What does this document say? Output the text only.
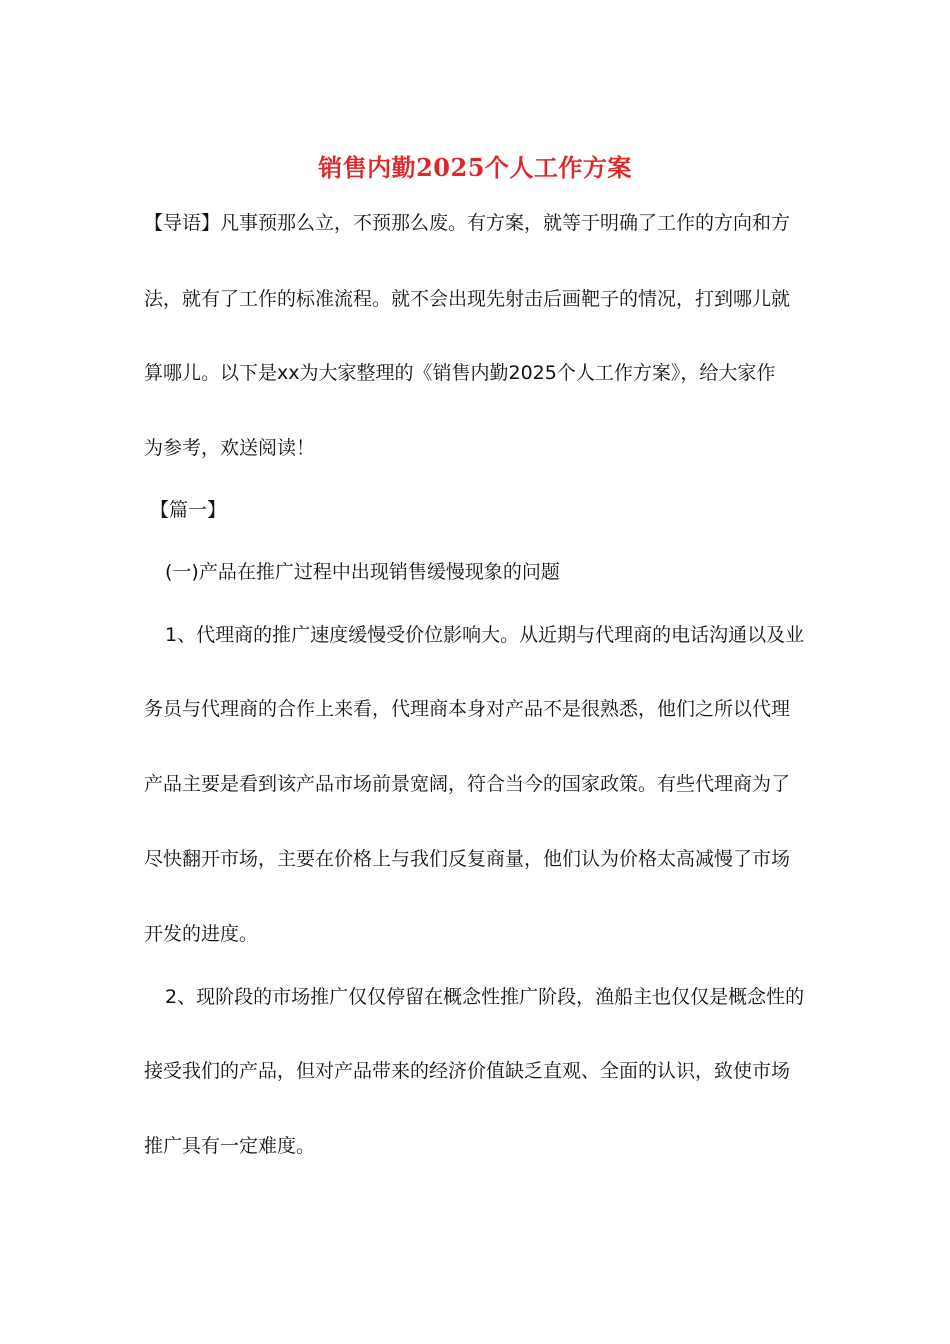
销售内勤2025个人工作方案
【导语】凡事预那么立，不预那么废。有方案，就等于明确了工作的方向和方
法，就有了工作的标准流程。就不会出现先射击后画靶子的情况，打到哪儿就
算哪儿。以下是xx为大家整理的《销售内勤2025个人工作方案》，给大家作
为参考，欢送阅读！
【篇一】
(一)产品在推广过程中出现销售缓慢现象的问题
1、代理商的推广速度缓慢受价位影响大。从近期与代理商的电话沟通以及业
务员与代理商的合作上来看，代理商本身对产品不是很熟悉，他们之所以代理
产品主要是看到该产品市场前景宽阔，符合当今的国家政策。有些代理商为了
尽快翻开市场，主要在价格上与我们反复商量，他们认为价格太高减慢了市场
开发的进度。
2、现阶段的市场推广仅仅停留在概念性推广阶段，渔船主也仅仅是概念性的
接受我们的产品，但对产品带来的经济价值缺乏直观、全面的认识，致使市场
推广具有一定难度。
